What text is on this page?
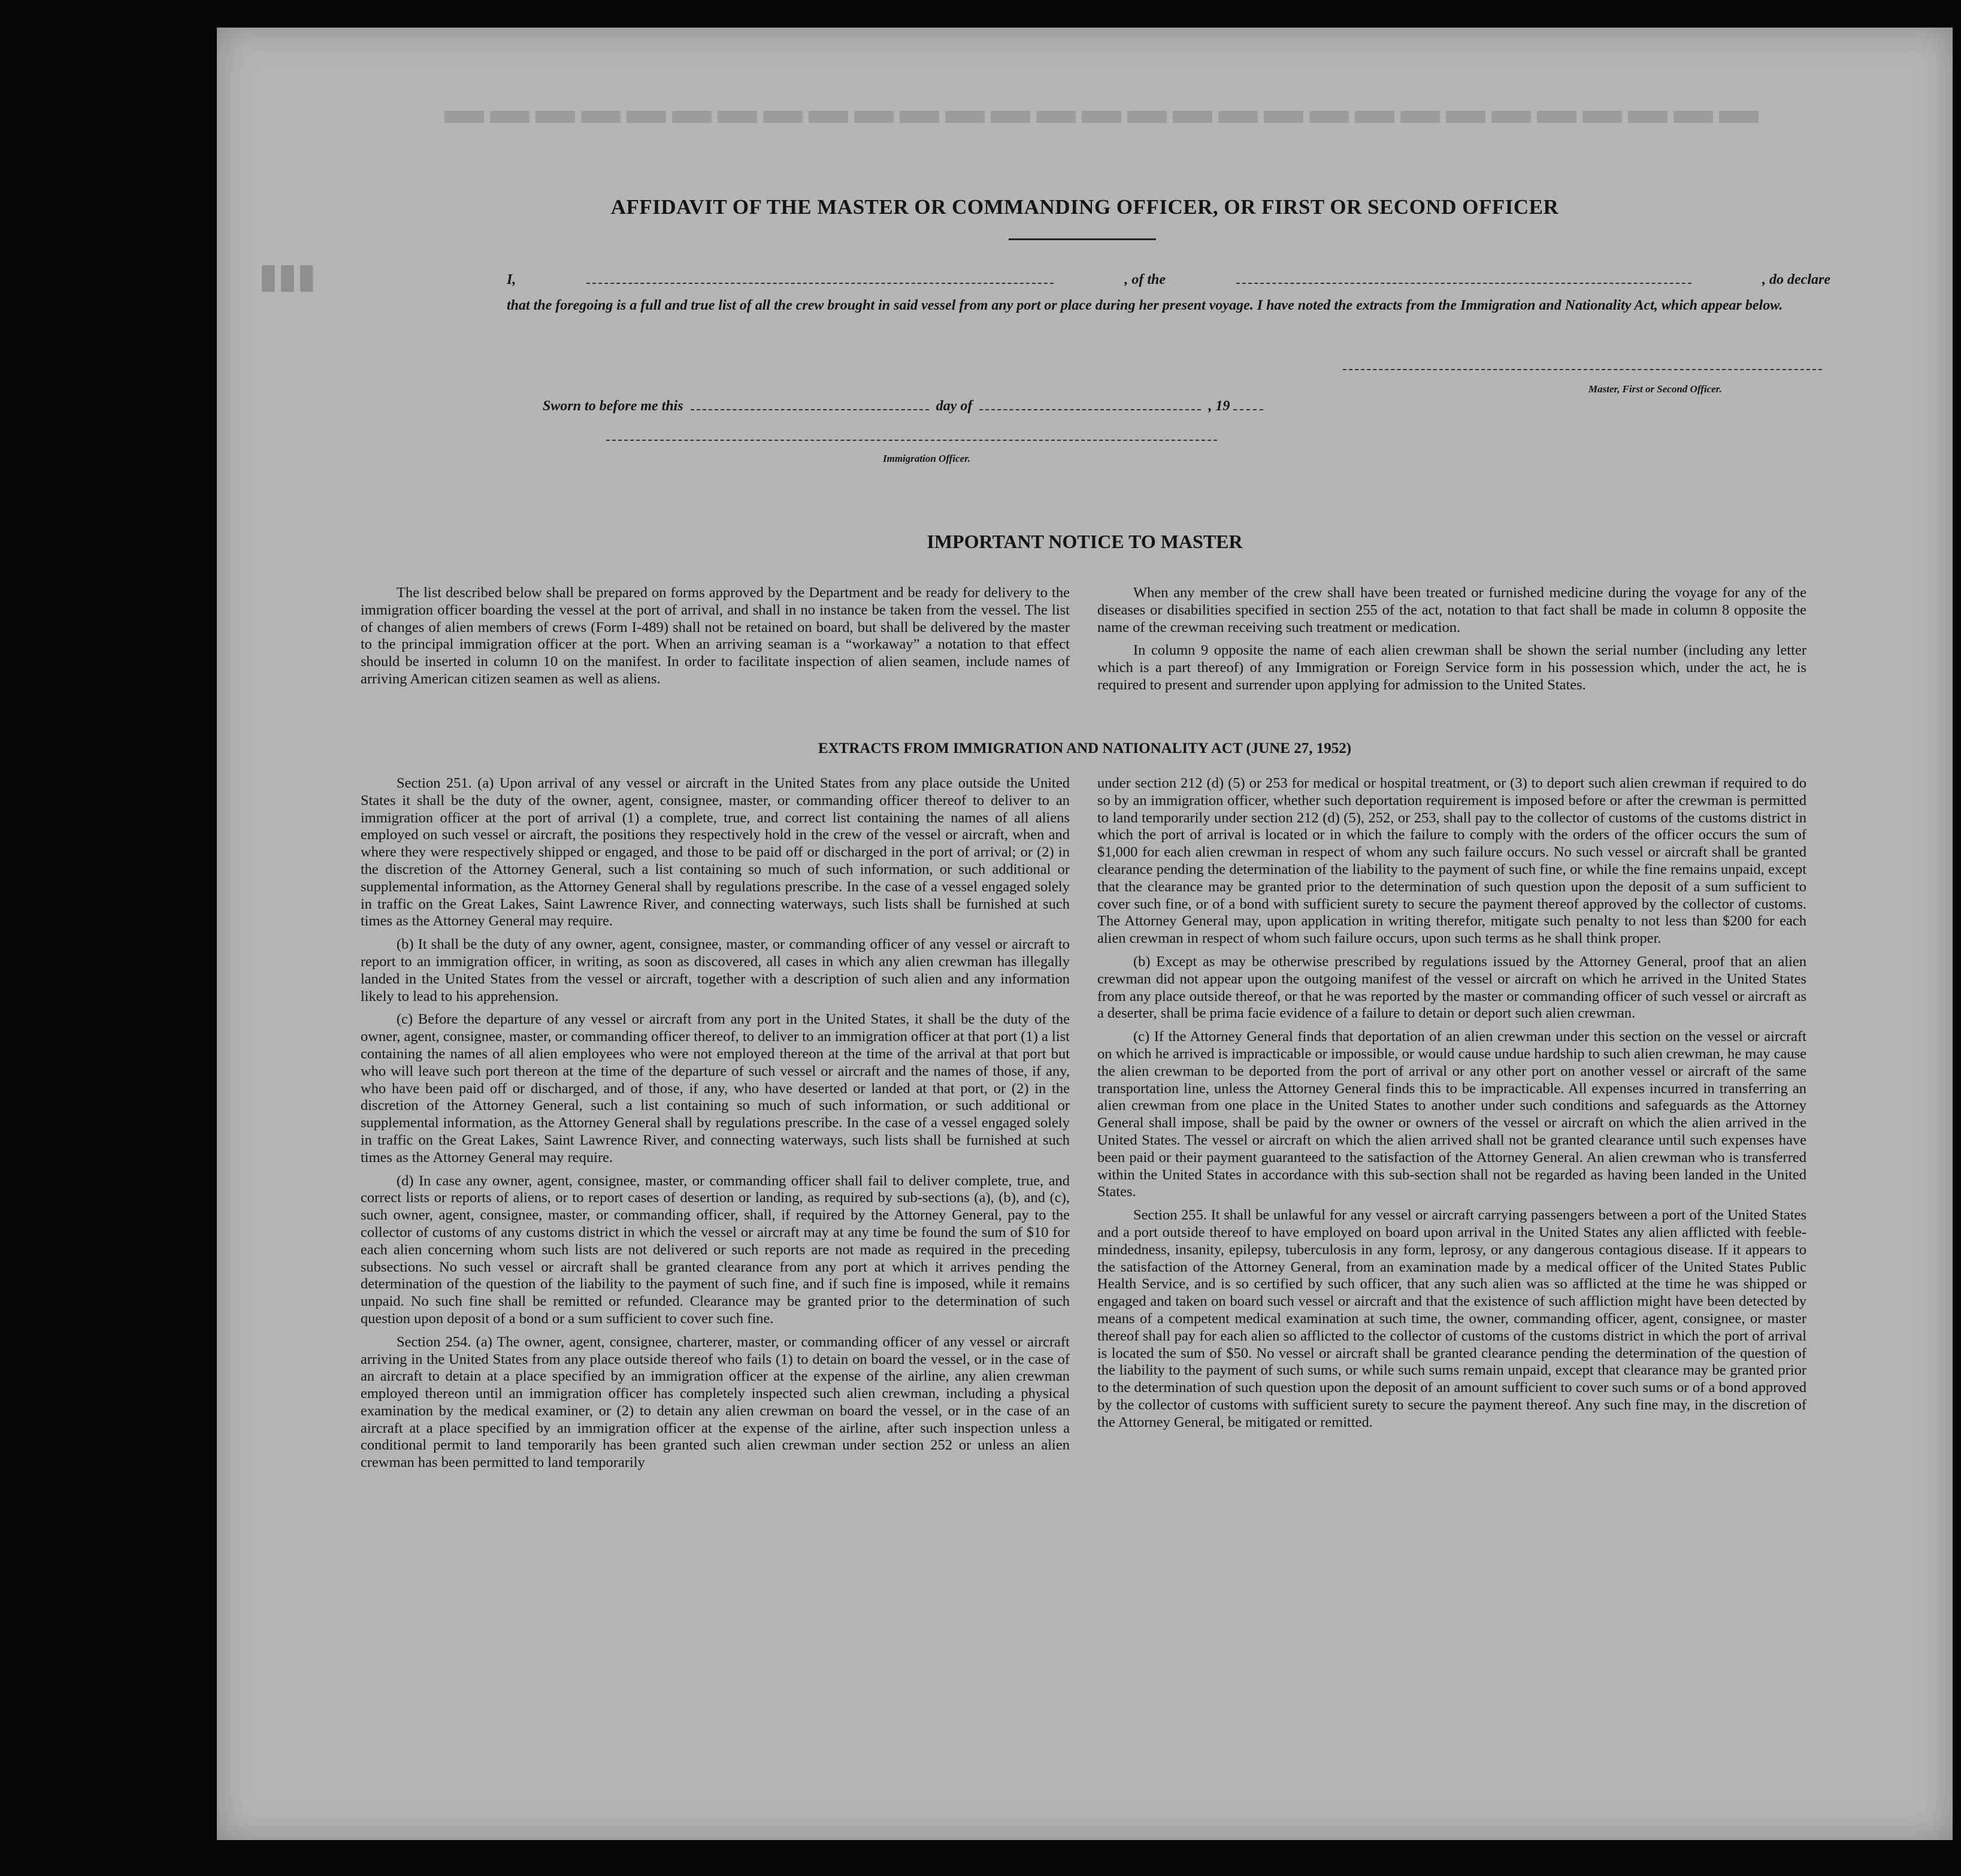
▬▬▬▬▬▬▬▬▬▬▬▬▬▬▬▬▬▬▬▬▬▬▬▬▬▬▬▬▬
▮▮▮
AFFIDAVIT OF THE MASTER OR COMMANDING OFFICER, OR FIRST OR SECOND OFFICER
I,	, of the	, do declare
that the foregoing is a full and true list of all the crew brought in said vessel from any port or place during her present voyage. I have noted the extracts from the Immigration and Nationality Act, which appear below.
Master, First or Second Officer.
Sworn to before me this	day of	, 19
Immigration Officer.
IMPORTANT NOTICE TO MASTER

The list described below shall be prepared on forms approved by the Department and be ready for delivery to the immigration officer boarding the vessel at the port of arrival, and shall in no instance be taken from the vessel. The list of changes of alien members of crews (Form I-489) shall not be retained on board, but shall be delivered by the master to the principal immigration officer at the port. When an arriving seaman is a “workaway” a notation to that effect should be inserted in column 10 on the manifest. In order to facilitate inspection of alien seamen, include names of arriving American citizen seamen as well as aliens.

When any member of the crew shall have been treated or furnished medicine during the voyage for any of the diseases or disabilities specified in section 255 of the act, notation to that fact shall be made in column 8 opposite the name of the crewman receiving such treatment or medication.

In column 9 opposite the name of each alien crewman shall be shown the serial number (including any letter which is a part thereof) of any Immigration or Foreign Service form in his possession which, under the act, he is required to present and surrender upon applying for admission to the United States.

EXTRACTS FROM IMMIGRATION AND NATIONALITY ACT (JUNE 27, 1952)

Section 251. (a) Upon arrival of any vessel or aircraft in the United States from any place outside the United States it shall be the duty of the owner, agent, consignee, master, or commanding officer thereof to deliver to an immigration officer at the port of arrival (1) a complete, true, and correct list containing the names of all aliens employed on such vessel or aircraft, the positions they respectively hold in the crew of the vessel or aircraft, when and where they were respectively shipped or engaged, and those to be paid off or discharged in the port of arrival; or (2) in the discretion of the Attorney General, such a list containing so much of such information, or such additional or supplemental information, as the Attorney General shall by regulations prescribe. In the case of a vessel engaged solely in traffic on the Great Lakes, Saint Lawrence River, and connecting waterways, such lists shall be furnished at such times as the Attorney General may require.

(b) It shall be the duty of any owner, agent, consignee, master, or commanding officer of any vessel or aircraft to report to an immigration officer, in writing, as soon as discovered, all cases in which any alien crewman has illegally landed in the United States from the vessel or aircraft, together with a description of such alien and any information likely to lead to his apprehension.

(c) Before the departure of any vessel or aircraft from any port in the United States, it shall be the duty of the owner, agent, consignee, master, or commanding officer thereof, to deliver to an immigration officer at that port (1) a list containing the names of all alien employees who were not employed thereon at the time of the arrival at that port but who will leave such port thereon at the time of the departure of such vessel or aircraft and the names of those, if any, who have been paid off or discharged, and of those, if any, who have deserted or landed at that port, or (2) in the discretion of the Attorney General, such a list containing so much of such information, or such additional or supplemental information, as the Attorney General shall by regulations prescribe. In the case of a vessel engaged solely in traffic on the Great Lakes, Saint Lawrence River, and connecting waterways, such lists shall be furnished at such times as the Attorney General may require.

(d) In case any owner, agent, consignee, master, or commanding officer shall fail to deliver complete, true, and correct lists or reports of aliens, or to report cases of desertion or landing, as required by sub-sections (a), (b), and (c), such owner, agent, consignee, master, or commanding officer, shall, if required by the Attorney General, pay to the collector of customs of any customs district in which the vessel or aircraft may at any time be found the sum of $10 for each alien concerning whom such lists are not delivered or such reports are not made as required in the preceding subsections. No such vessel or aircraft shall be granted clearance from any port at which it arrives pending the determination of the question of the liability to the payment of such fine, and if such fine is imposed, while it remains unpaid. No such fine shall be remitted or refunded. Clearance may be granted prior to the determination of such question upon deposit of a bond or a sum sufficient to cover such fine.

Section 254. (a) The owner, agent, consignee, charterer, master, or commanding officer of any vessel or aircraft arriving in the United States from any place outside thereof who fails (1) to detain on board the vessel, or in the case of an aircraft to detain at a place specified by an immigration officer at the expense of the airline, any alien crewman employed thereon until an immigration officer has completely inspected such alien crewman, including a physical examination by the medical examiner, or (2) to detain any alien crewman on board the vessel, or in the case of an aircraft at a place specified by an immigration officer at the expense of the airline, after such inspection unless a conditional permit to land temporarily has been granted such alien crewman under section 252 or unless an alien crewman has been permitted to land temporarily

under section 212 (d) (5) or 253 for medical or hospital treatment, or (3) to deport such alien crewman if required to do so by an immigration officer, whether such deportation requirement is imposed before or after the crewman is permitted to land temporarily under section 212 (d) (5), 252, or 253, shall pay to the collector of customs of the customs district in which the port of arrival is located or in which the failure to comply with the orders of the officer occurs the sum of $1,000 for each alien crewman in respect of whom any such failure occurs. No such vessel or aircraft shall be granted clearance pending the determination of the liability to the payment of such fine, or while the fine remains unpaid, except that the clearance may be granted prior to the determination of such question upon the deposit of a sum sufficient to cover such fine, or of a bond with sufficient surety to secure the payment thereof approved by the collector of customs. The Attorney General may, upon application in writing therefor, mitigate such penalty to not less than $200 for each alien crewman in respect of whom such failure occurs, upon such terms as he shall think proper.

(b) Except as may be otherwise prescribed by regulations issued by the Attorney General, proof that an alien crewman did not appear upon the outgoing manifest of the vessel or aircraft on which he arrived in the United States from any place outside thereof, or that he was reported by the master or commanding officer of such vessel or aircraft as a deserter, shall be prima facie evidence of a failure to detain or deport such alien crewman.

(c) If the Attorney General finds that deportation of an alien crewman under this section on the vessel or aircraft on which he arrived is impracticable or impossible, or would cause undue hardship to such alien crewman, he may cause the alien crewman to be deported from the port of arrival or any other port on another vessel or aircraft of the same transportation line, unless the Attorney General finds this to be impracticable. All expenses incurred in transferring an alien crewman from one place in the United States to another under such conditions and safeguards as the Attorney General shall impose, shall be paid by the owner or owners of the vessel or aircraft on which the alien arrived in the United States. The vessel or aircraft on which the alien arrived shall not be granted clearance until such expenses have been paid or their payment guaranteed to the satisfaction of the Attorney General. An alien crewman who is transferred within the United States in accordance with this sub-section shall not be regarded as having been landed in the United States.

Section 255. It shall be unlawful for any vessel or aircraft carrying passengers between a port of the United States and a port outside thereof to have employed on board upon arrival in the United States any alien afflicted with feeble-mindedness, insanity, epilepsy, tuberculosis in any form, leprosy, or any dangerous contagious disease. If it appears to the satisfaction of the Attorney General, from an examination made by a medical officer of the United States Public Health Service, and is so certified by such officer, that any such alien was so afflicted at the time he was shipped or engaged and taken on board such vessel or aircraft and that the existence of such affliction might have been detected by means of a competent medical examination at such time, the owner, commanding officer, agent, consignee, or master thereof shall pay for each alien so afflicted to the collector of customs of the customs district in which the port of arrival is located the sum of $50. No vessel or aircraft shall be granted clearance pending the determination of the question of the liability to the payment of such sums, or while such sums remain unpaid, except that clearance may be granted prior to the determination of such question upon the deposit of an amount sufficient to cover such sums or of a bond approved by the collector of customs with sufficient surety to secure the payment thereof. Any such fine may, in the discretion of the Attorney General, be mitigated or remitted.
